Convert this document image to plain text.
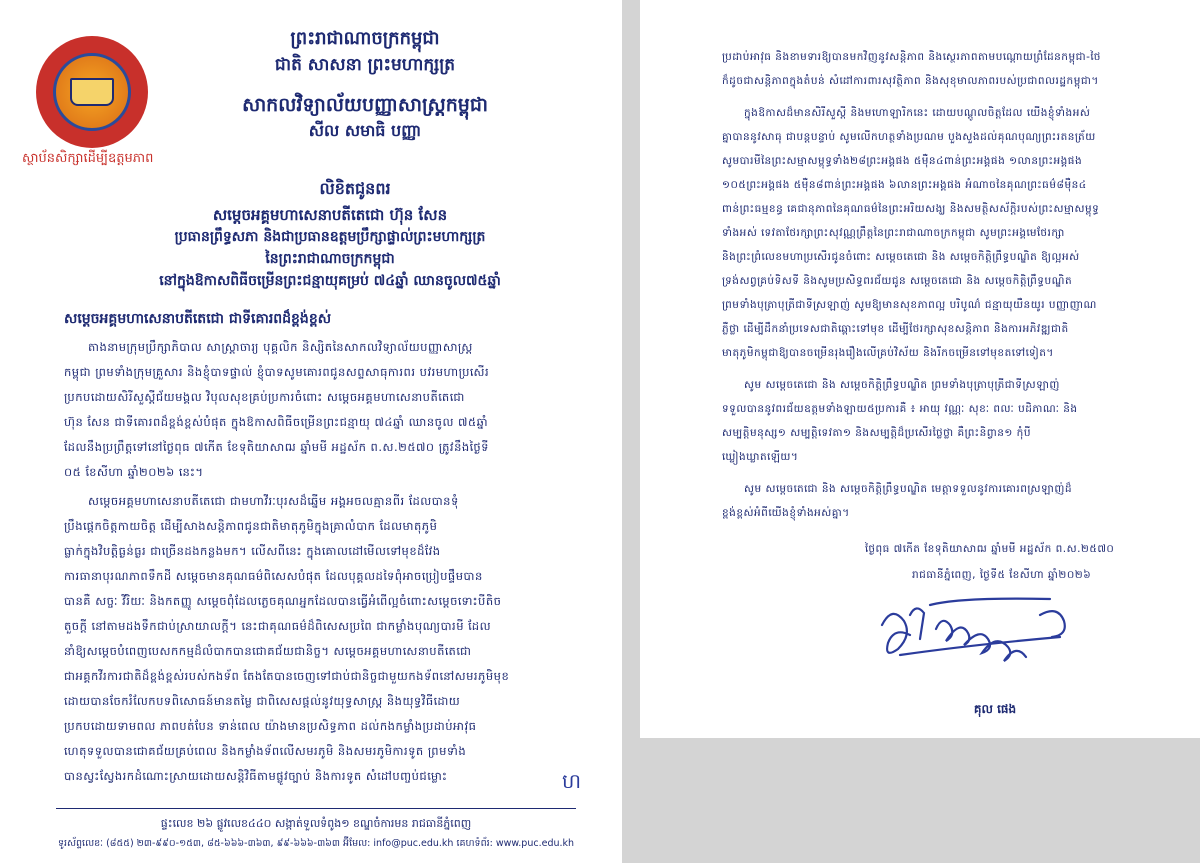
ស្ថាប័នសិក្សាដើម្បីឧត្តមភាព
ព្រះរាជាណាចក្រកម្ពុជា
ជាតិ សាសនា ព្រះមហាក្សត្រ
សាកលវិទ្យាល័យបញ្ញាសាស្ត្រកម្ពុជា
សីល សមាធិ បញ្ញា
លិខិតជូនពរ
សម្តេចអគ្គមហាសេនាបតីតេជោ ហ៊ុន សែន
ប្រធានព្រឹទ្ធសភា និងជាប្រធានឧត្តមប្រឹក្សាផ្ទាល់ព្រះមហាក្សត្រ
នៃព្រះរាជាណាចក្រកម្ពុជា
នៅក្នុងឱកាសពិធីចម្រើនព្រះជន្មាយុគម្រប់ ៧៤ឆ្នាំ ឈានចូល៧៥ឆ្នាំ
សម្តេចអគ្គមហាសេនាបតីតេជោ ជាទីគោរពដ៏ខ្ពង់ខ្ពស់
តាងនាមក្រុមប្រឹក្សាភិបាល សាស្ត្រាចារ្យ បុគ្គលិក និស្សិតនៃសាកលវិទ្យាល័យបញ្ញាសាស្ត្រ
កម្ពុជា ព្រមទាំងក្រុមគ្រួសារ និងខ្ញុំបាទផ្ទាល់ ខ្ញុំបាទសូមគោរពជូនសព្ទសាធុការពរ បវរមហាប្រសើរ
ប្រកបដោយសិរីសួស្តីជ័យមង្គល វិបុលសុខគ្រប់ប្រការចំពោះ សម្តេចអគ្គមហាសេនាបតីតេជោ
ហ៊ុន សែន ជាទីគោរពដ៏ខ្ពង់ខ្ពស់បំផុត ក្នុងឱកាសពិធីចម្រើនព្រះជន្មាយុ ៧៤ឆ្នាំ ឈានចូល ៧៥ឆ្នាំ
ដែលនឹងប្រព្រឹត្តទៅនៅថ្ងៃពុធ ៧កើត ខែទុតិយាសាឍ ឆ្នាំមមី អដ្ឋស័ក ព.ស.២៥៧០ ត្រូវនឹងថ្ងៃទី
០៥ ខែសីហា ឆ្នាំ២០២៦ នេះ។
សម្តេចអគ្គមហាសេនាបតីតេជោ ជាមហាវីរៈបុរសដ៏ឆ្នើម អង្គអចលគ្មានពីរ ដែលបានទុំ
ប្រឹងផ្តេកចិត្តកាយចិត្ត ដើម្បីសាង​សន្តិភាពជូនជាតិមាតុភូមិក្នុងគ្រាលំបាក ដែលមាតុភូមិ
ធ្លាក់ក្នុងវិបត្តិធ្ងន់ធ្ងរ ជាច្រើនដងកន្លងមក។ លើសពីនេះ ក្នុងគោលដៅមើលទៅមុខដ៏វែង
ការធានាបុរណភាពទឹកដី សម្តេចមានគុណធម៌ពិសេសបំផុត ដែលបុគ្គលដទៃពុំអាចប្រៀបផ្ទឹមបាន
បានគឺ សច្ចៈ វីរិយៈ និងកតញ្ញូ សម្តេចពុំដែលភ្លេចគុណអ្នកដែលបានធ្វើអំពើល្អចំពោះសម្តេចទោះបីតិច
តួចក្តី នៅតាមដងទឹកជាប់ស្រាយាលក្តី។ នេះជាគុណធម៌ដ៏ពិសេសប្រពៃ ជាកម្លាំងបុណ្យបារមី ដែល
នាំឱ្យសម្តេចបំពេញបេសកកម្មដ៏លំបាកបានជោគជ័យជានិច្ច។ សម្តេចអគ្គមហាសេនាបតីតេជោ
ជាអគ្គកវីរការជាតិដ៏ខ្ពង់ខ្ពស់របស់កងទ័ព តែងតែបានចេញទៅជាប់ជានិច្ចជាមួយកងទ័ពនៅសមរភូមិមុខ
ដោយបានចែករំលែកបទពិសោធន៍មានតម្លៃ ជាពិសេសផ្តល់នូវយុទ្ធសាស្ត្រ និងយុទ្ធវិធីដោយ
ប្រកបដោយទាមពល ភាពបត់បែន ទាន់ពេល យ៉ាងមានប្រសិទ្ធភាព ដល់កងកម្លាំងប្រដាប់អាវុធ
ហេតុទទួលបានជោគជ័យគ្រប់ពេល និងកម្លាំងទ័ពលើសមរភូមិ និងសមរភូមិការទូត ព្រមទាំង
បានស្វះស្វែងរកដំណោះស្រាយដោយសន្តិវិធីតាមផ្លូវច្បាប់ និងការទូត សំដៅបញ្ចប់ជម្លោះ	ហ
ផ្ទះលេខ ២៦ ផ្លូវលេខ៤៤០ សង្កាត់ទួលទំពូង១ ខណ្ឌចំការមន រាជធានីភ្នំពេញ
ទូរស័ព្ទលេខៈ (៨៥៥) ២៣-៩៩០-១៥៣, ៨៥-៦៦៦-៣៦៣, ៩៩-៦៦៦-៣៦៣ អ៊ីមែល: info@puc.edu.kh គេហទំព័រ: www.puc.edu.kh
ប្រដាប់អាវុធ និងខាមទារឱ្យបានមកវិញនូវសន្តិភាព និងស្ថេរភាពតាមបណ្តោយព្រំដែនកម្ពុជា-ថៃ
ក៏ដូចជាសន្តិភាពក្នុងតំបន់ សំដៅការពារសុវត្ថិភាព និងសុខុមាលភាពរបស់ប្រជាពលរដ្ឋកម្ពុជា។
ក្នុងឱកាសដ៏មានសិរីសួស្តី និងមហោឡារិកនេះ ដោយបណ្តូលចិត្តដែល យើងខ្ញុំទាំងអស់
គ្នាបាននូវសាធុ ជាបន្តបន្ទាប់ សូមលើកហត្ថទាំងប្រណម បួងសួងដល់គុណបុណ្យព្រះរតនត្រ័យ
សូមបារមីនៃព្រះសម្មាសម្ពុទ្ធទាំង២៨ព្រះអង្គផង ៥ម៉ឺន៤ពាន់ព្រះអង្គផង ១លានព្រះអង្គផង
១០៥ព្រះអង្គផង ៥ម៉ឺន៨ពាន់ព្រះអង្គផង ៦លានព្រះអង្គផង អំណាចនៃគុណព្រះធម៌៨ម៉ឺន៤
ពាន់ព្រះធម្មខន្ធ គេជានុភាពនៃគុណធម៌នៃព្រះអរិយសង្ឃ និងសមត្ថិសស័ក្តិរបស់ព្រះសម្មាសម្ពុទ្ធ
ទាំងអស់ ទេវតាថែរក្សាព្រះសុវណ្ណព្រឹត្តនៃព្រះរាជាណាចក្រកម្ពុជា សូមព្រះអង្គមេថែរក្សា
និងព្រះព្រំលេខមហាប្រសើរជូនចំពោះ សម្តេចតេជោ និង សម្តេចកិត្តិព្រឹទ្ធបណ្ឌិត ឱ្យល្អអស់
ទ្រង់សព្វគ្រប់ទិសទី និងសូមប្រសិទ្ធពរជ័យជូន សម្តេចតេជោ និង សម្តេចកិត្តិព្រឹទ្ធបណ្ឌិត
ព្រមទាំងបុត្រាបុត្រីជាទីស្រឡាញ់ សូមឱ្យមានសុខភាពល្អ បរិបូណ៌ ជន្មាយុយឺនយូរ បញ្ញាញាណ
ភ្លឺថ្លា ដើម្បីដឹកនាំប្រទេសជាតិឆ្ពោះទៅមុខ ដើម្បីថែរក្សាសុខសន្តិភាព និងការអភិវឌ្ឍជាតិ
មាតុភូមិកម្ពុជាឱ្យបានចម្រើនរុងរឿងលើគ្រប់វិស័យ និងរីកចម្រើនទៅមុខតទៅទៀត។
សូម សម្តេចតេជោ និង សម្តេចកិត្តិព្រឹទ្ធបណ្ឌិត ព្រមទាំងបុត្រាបុត្រីជាទីស្រឡាញ់
ទទួលបាននូវពរជ័យឧត្តមទាំងឡាយ៥ប្រការគឺ ៖ អាយុ វណ្ណៈ សុខៈ ពលៈ បដិភាណៈ និង
សម្បត្តិមនុស្ស១ សម្បត្តិទេវតា១ និងសម្បត្តិដ៏ប្រសើរថ្លៃថ្លា គឺព្រះនិព្វាន១ កុំបី
ឃ្លៀងឃ្លាតឡើយ។
សូម សម្តេចតេជោ និង សម្តេចកិត្តិព្រឹទ្ធបណ្ឌិត មេត្តាទទួលនូវការគោរពស្រឡាញ់ដ៏
ខ្ពង់ខ្ពស់អំពីយើងខ្ញុំទាំងអស់គ្នា។
ថ្ងៃពុធ ៧កើត ខែទុតិយាសាឍ ឆ្នាំមមី អដ្ឋស័ក ព.ស.២៥៧០
រាជធានីភ្នំពេញ, ថ្ងៃទី៥ ខែសីហា ឆ្នាំ២០២៦
គុល ផេង
